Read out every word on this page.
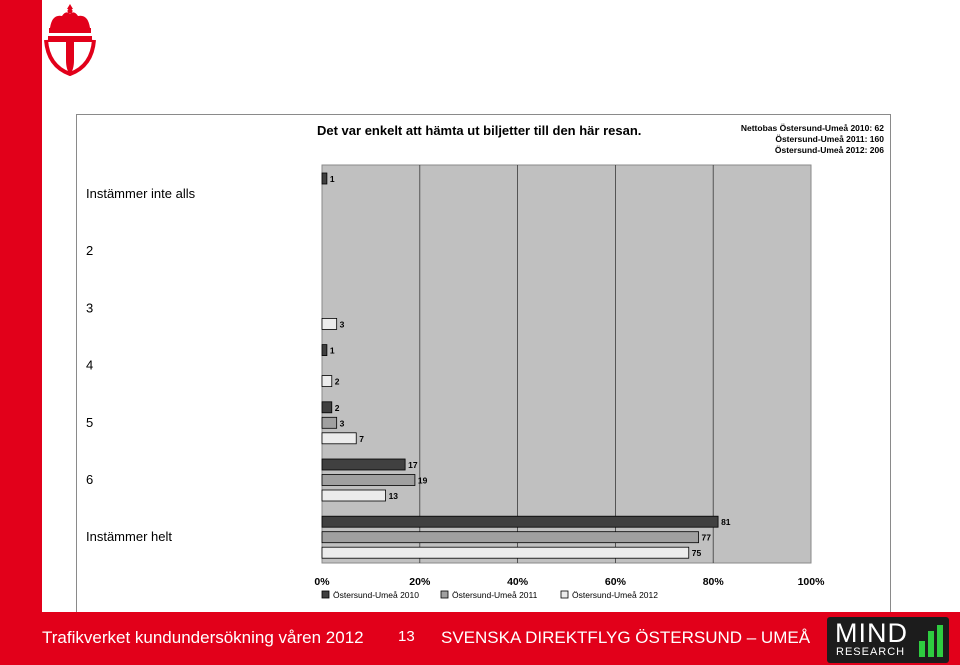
Det var enkelt att hämta ut biljetter till den här resan.	Nettobas Östersund-Umeå 2010: 62
Östersund-Umeå 2011: 160
Östersund-Umeå 2012: 206
Instämmer inte alls
2
3
4
5
6
Instämmer helt
0%	20%	40%	60%	80%	100%
1
3
1
2
2
3
7
17
19
13
81
77
75
Östersund-Umeå 2010	Östersund-Umeå 2011	Östersund-Umeå 2012
Trafikverket kundundersökning våren 2012 13 SVENSKA DIREKTFLYG ÖSTERSUND – UMEÅ MIND
RESEARCH
